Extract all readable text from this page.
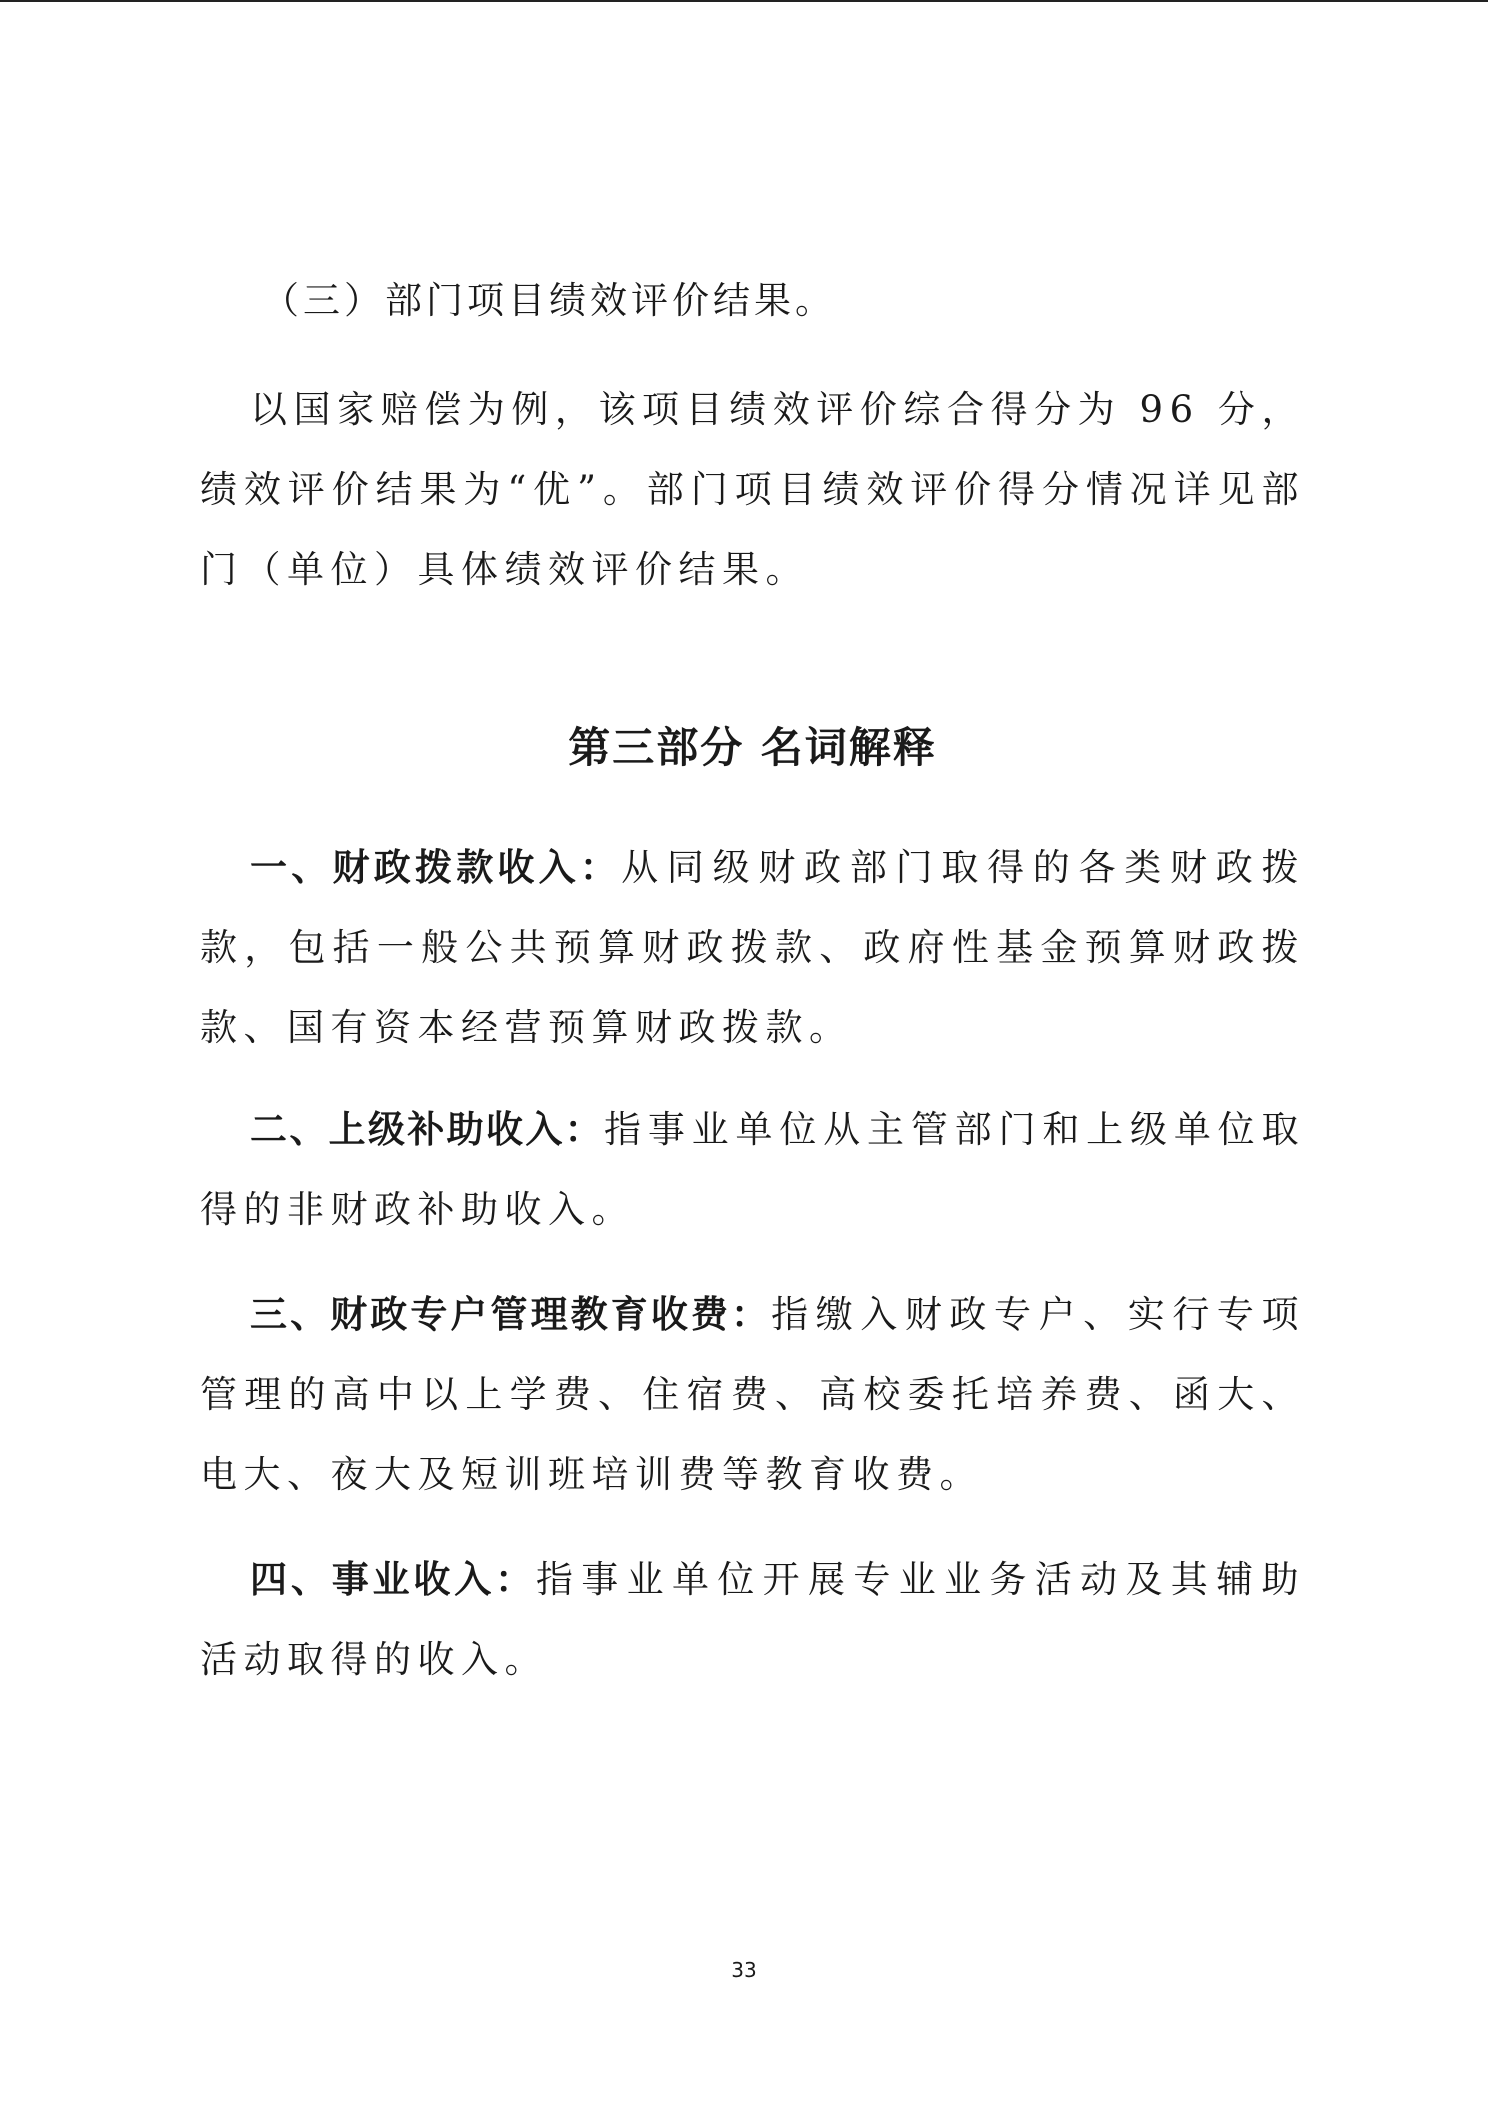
（三）部门项目绩效评价结果。

以国家赔偿为例，该项目绩效评价综合得分为 96 分，绩效评价结果为“优”。部门项目绩效评价得分情况详见部门（单位）具体绩效评价结果。

第三部分 名词解释

一、财政拨款收入：从同级财政部门取得的各类财政拨款，包括一般公共预算财政拨款、政府性基金预算财政拨款、国有资本经营预算财政拨款。

二、上级补助收入：指事业单位从主管部门和上级单位取得的非财政补助收入。

三、财政专户管理教育收费：指缴入财政专户、实行专项管理的高中以上学费、住宿费、高校委托培养费、函大、电大、夜大及短训班培训费等教育收费。

四、事业收入：指事业单位开展专业业务活动及其辅助活动取得的收入。

33
